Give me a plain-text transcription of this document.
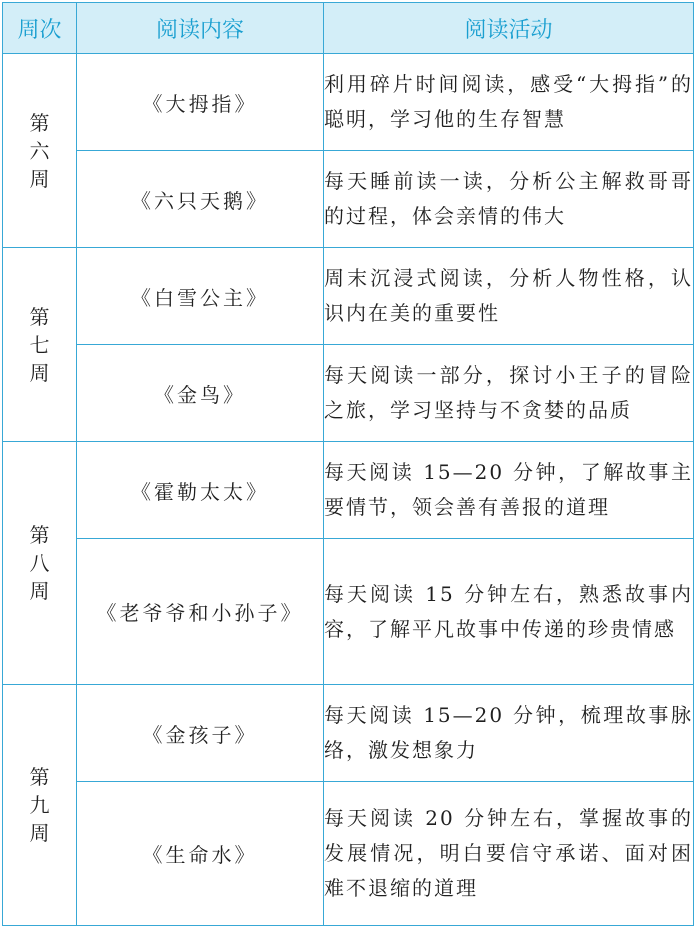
周次	阅读内容	阅读活动
第六周	《大拇指》	利用碎片时间阅读，感受“大拇指”的聪明，学习他的生存智慧
	《六只天鹅》	每天睡前读一读，分析公主解救哥哥的过程，体会亲情的伟大
第七周	《白雪公主》	周末沉浸式阅读，分析人物性格，认识内在美的重要性
	《金鸟》	每天阅读一部分，探讨小王子的冒险之旅，学习坚持与不贪婪的品质
第八周	《霍勒太太》	每天阅读 15—20 分钟，了解故事主要情节，领会善有善报的道理
	《老爷爷和小孙子》	每天阅读 15 分钟左右，熟悉故事内容，了解平凡故事中传递的珍贵情感
第九周	《金孩子》	每天阅读 15—20 分钟，梳理故事脉络，激发想象力
	《生命水》	每天阅读 20 分钟左右，掌握故事的发展情况，明白要信守承诺、面对困难不退缩的道理
